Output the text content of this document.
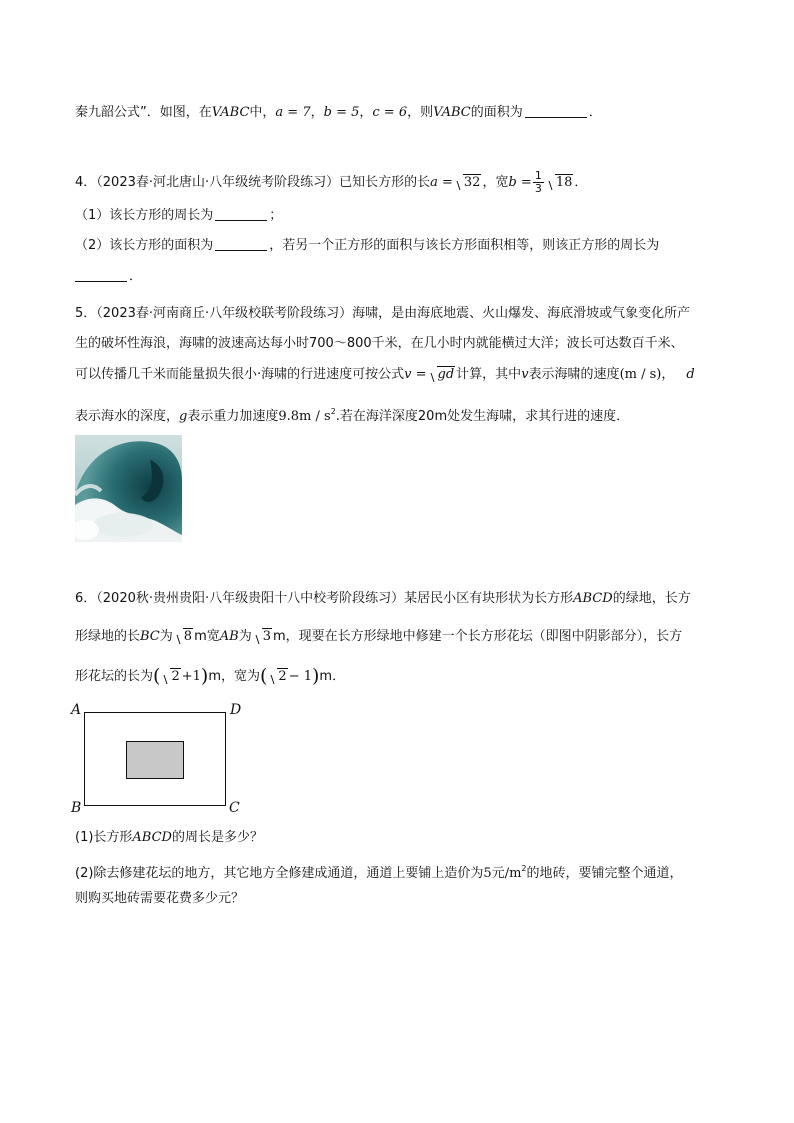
秦九韶公式”．如图，在VABC中，a = 7，b = 5，c = 6，则VABC的面积为	．
4．（2023春·河北唐山·八年级统考阶段练习）已知长方形的长a = 32 ，宽$b = \frac{1}{3} 18$ ．
（1）该长方形的周长为	；
（2）该长方形的面积为	，若另一个正方形的面积与该长方形面积相等，则该正方形的周长为
．
5．（2023春·河南商丘·八年级校联考阶段练习）海啸，是由海底地震、火山爆发、海底滑坡或气象变化所产
生的破坏性海浪，海啸的波速高达每小时700～800千米，在几小时内就能横过大洋；波长可达数百千米、
可以传播几千米而能量损失很小·海啸的行进速度可按公式v = gd 计算，其中v表示海啸的速度(m / s)， d
表示海水的深度，g表示重力加速度$9.8m / s^2$.若在海洋深度20m处发生海啸，求其行进的速度．
6．（2020秋·贵州贵阳·八年级贵阳十八中校考阶段练习）某居民小区有块形状为长方形ABCD的绿地，长方
形绿地的长BC为 8 m宽AB为 3 m，现要在长方形绿地中修建一个长方形花坛（即图中阴影部分），长方
形花坛的长为( 2 +1)m，宽为( 2 − 1)m．
A	D
B	C
(1)长方形ABCD的周长是多少？
(2)除去修建花坛的地方，其它地方全修建成通道，通道上要铺上造价为5元$/m^2$的地砖，要铺完整个通道，
则购买地砖需要花费多少元？
